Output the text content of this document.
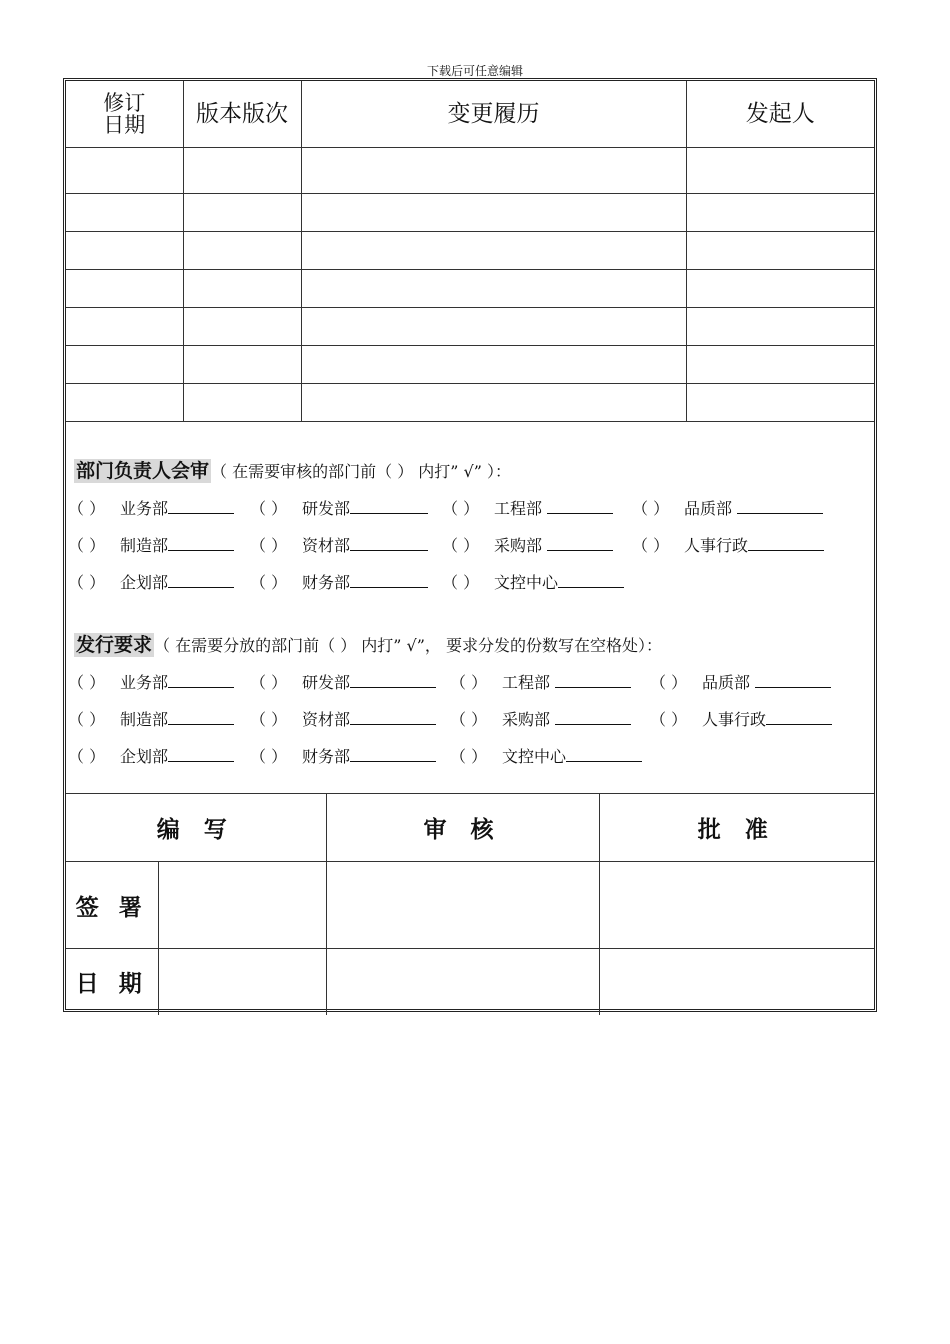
下载后可任意编辑
修订
日期	版本版次	变更履历	发起人

部门负责人会审 （ 在需要审核的部门前（ ） 内打” √” ）：
（ ） 业务部	（ ） 研发部	（ ） 工程部	（ ） 品质部
（ ） 制造部	（ ） 资材部	（ ） 采购部	（ ） 人事行政
（ ） 企划部	（ ） 财务部	（ ） 文控中心
发行要求 （ 在需要分放的部门前（ ） 内打” √”， 要求分发的份数写在空格处）：
（ ） 业务部	（ ） 研发部	（ ） 工程部	（ ） 品质部
（ ） 制造部	（ ） 资材部	（ ） 采购部	（ ） 人事行政
（ ） 企划部	（ ） 财务部	（ ） 文控中心
编 写		审 核	批 准
签 署			
日 期			
